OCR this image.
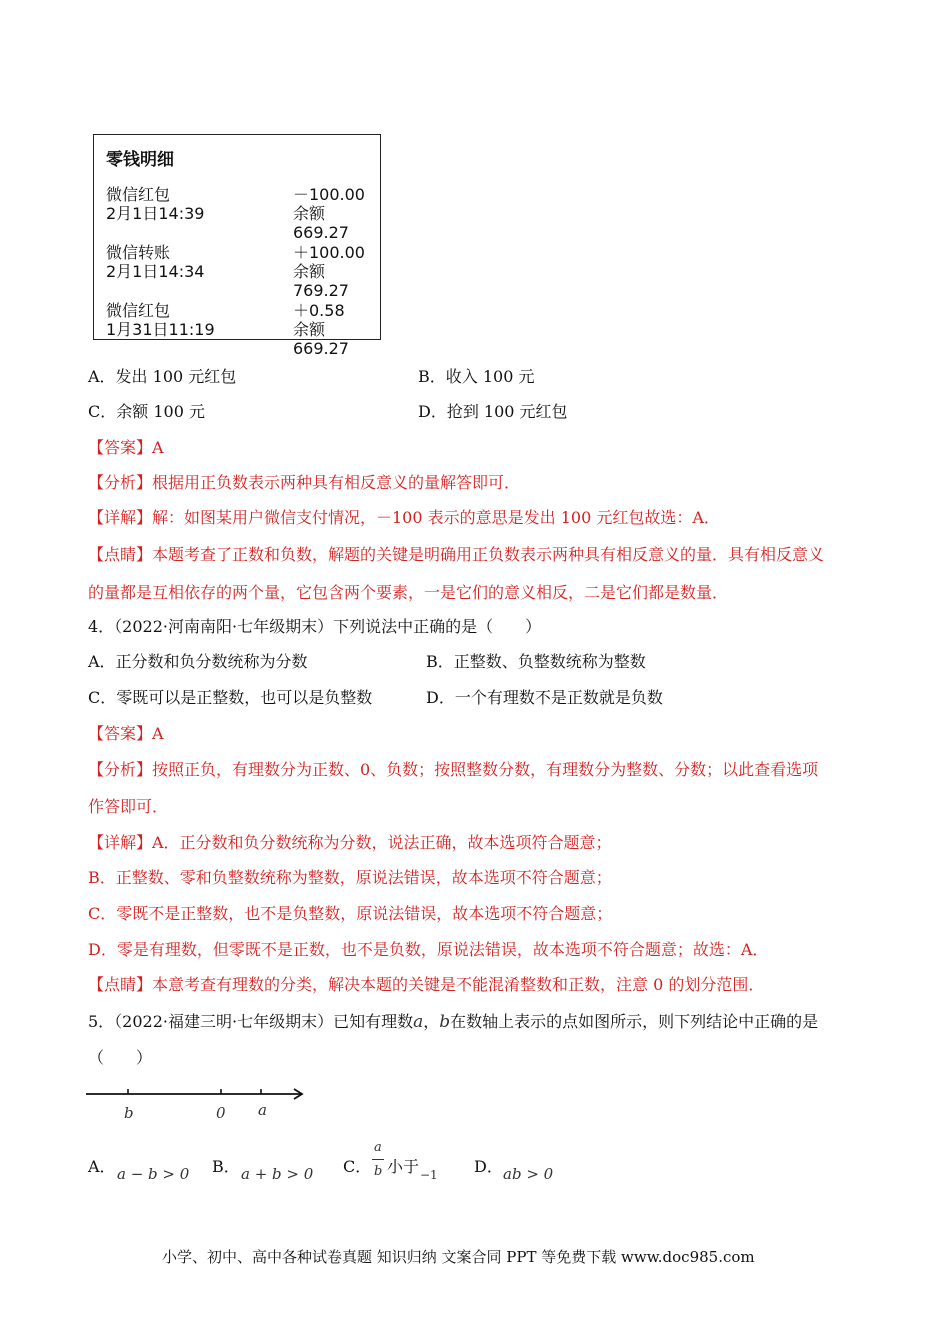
零钱明细
微信红包	－100.00
2月1日14:39	余额669.27
微信转账	＋100.00
2月1日14:34	余额769.27
微信红包	＋0.58
1月31日11:19	余额669.27
A．发出 100 元红包	B．收入 100 元
C．余额 100 元	D．抢到 100 元红包
【答案】A
【分析】根据用正负数表示两种具有相反意义的量解答即可．
【详解】解：如图某用户微信支付情况，－100 表示的意思是发出 100 元红包故选：A．
【点睛】本题考查了正数和负数，解题的关键是明确用正负数表示两种具有相反意义的量．具有相反意义
的量都是互相依存的两个量，它包含两个要素，一是它们的意义相反，二是它们都是数量．
4．（2022·河南南阳·七年级期末）下列说法中正确的是（　　）
A．正分数和负分数统称为分数	B．正整数、负整数统称为整数
C．零既可以是正整数，也可以是负整数	D．一个有理数不是正数就是负数
【答案】A
【分析】按照正负，有理数分为正数、0、负数；按照整数分数，有理数分为整数、分数；以此查看选项
作答即可．
【详解】A．正分数和负分数统称为分数，说法正确，故本选项符合题意；
B．正整数、零和负整数统称为整数，原说法错误，故本选项不符合题意；
C．零既不是正整数，也不是负整数，原说法错误，故本选项不符合题意；
D．零是有理数，但零既不是正数，也不是负数，原说法错误，故本选项不符合题意；故选：A．
【点睛】本意考查有理数的分类，解决本题的关键是不能混淆整数和正数，注意 0 的划分范围．
5．（2022·福建三明·七年级期末）已知有理数a，b在数轴上表示的点如图所示，则下列结论中正确的是
（　　）
b	0 a
A． a − b > 0 B． a + b > 0 C．
a
b 小于 −1 D． ab > 0
小学、初中、高中各种试卷真题 知识归纳 文案合同 PPT 等免费下载 www.doc985.com
